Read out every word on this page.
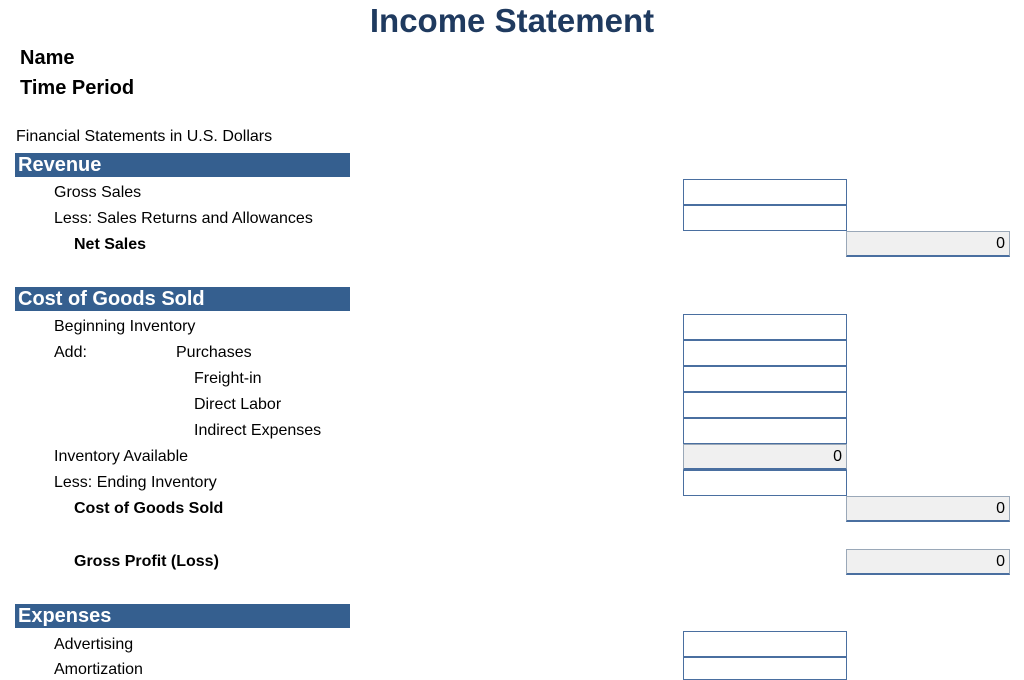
Income Statement
Name
Time Period
Financial Statements in U.S. Dollars
Revenue
Gross Sales
Less: Sales Returns and Allowances
Net Sales	0
Cost of Goods Sold
Beginning Inventory
Add:	Purchases
Freight-in
Direct Labor
Indirect Expenses
Inventory Available	0
Less: Ending Inventory
Cost of Goods Sold	0
Gross Profit (Loss)	0
Expenses
Advertising
Amortization
